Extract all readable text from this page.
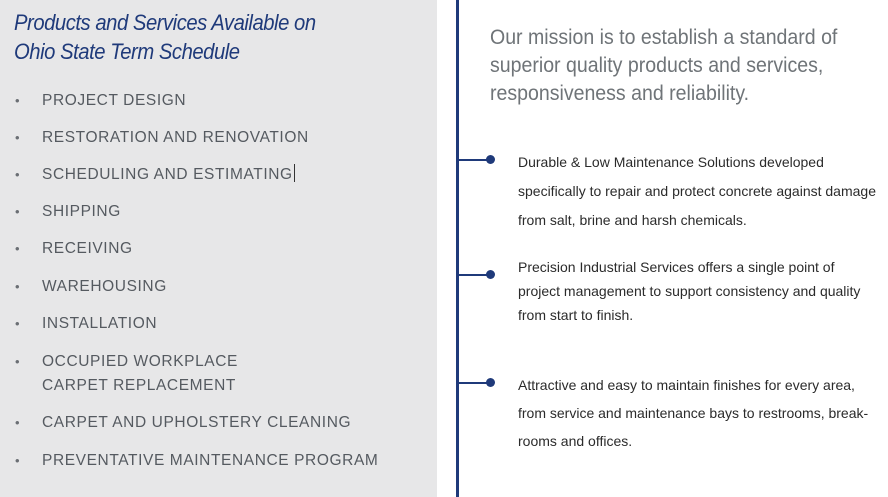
Products and Services Available on
Ohio State Term Schedule
• PROJECT DESIGN
• RESTORATION AND RENOVATION
• SCHEDULING AND ESTIMATING
• SHIPPING
• RECEIVING
• WAREHOUSING
• INSTALLATION
• OCCUPIED WORKPLACE
CARPET REPLACEMENT
• CARPET AND UPHOLSTERY CLEANING
• PREVENTATIVE MAINTENANCE PROGRAM

Our mission is to establish a standard of superior quality products and services, responsiveness and reliability.

Durable & Low Maintenance Solutions developed specifically to repair and protect concrete against damage from salt, brine and harsh chemicals.

Precision Industrial Services offers a single point of project management to support consistency and quality from start to finish.

Attractive and easy to maintain finishes for every area, from service and maintenance bays to restrooms, break-rooms and offices.
